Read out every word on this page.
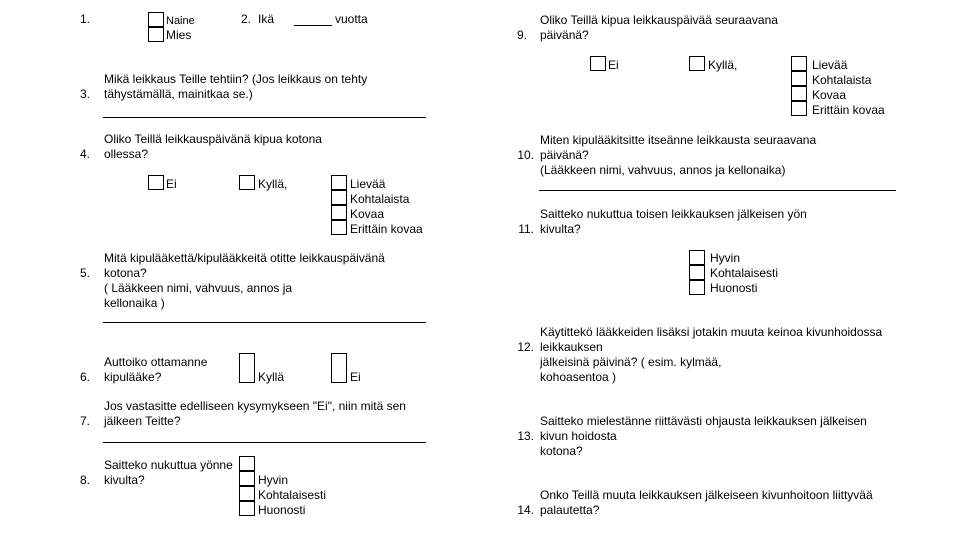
1.	Naine
Mies
2. Ikä	vuotta
3.
Mikä leikkaus Teille tehtiin? (Jos leikkaus on tehty
tähystämällä, mainitkaa se.)
4.
Oliko Teillä leikkauspäivänä kipua kotona
ollessa?
Ei	Kyllä,	Lievää
Kohtalaista
Kovaa
Erittäin kovaa
5.
Mitä kipulääkettä/kipulääkkeitä otitte leikkauspäivänä
kotona?
( Lääkkeen nimi, vahvuus, annos ja
kellonaika )
6.
Auttoiko ottamanne
kipulääke?	Kyllä	Ei
7.
Jos vastasitte edelliseen kysymykseen "Ei", niin mitä sen
jälkeen Teitte?
8.
Saitteko nukuttua yönne
kivulta?	Hyvin
Kohtalaisesti
Huonosti
9.
Oliko Teillä kipua leikkauspäivää seuraavana
päivänä?
Ei	Kyllä,	Lievää
Kohtalaista
Kovaa
Erittäin kovaa
10.
Miten kipulääkitsitte itseänne leikkausta seuraavana
päivänä?
(Lääkkeen nimi, vahvuus, annos ja kellonaika)
11.
Saitteko nukuttua toisen leikkauksen jälkeisen yön
kivulta?
Hyvin
Kohtalaisesti
Huonosti
12.
Käytittekö lääkkeiden lisäksi jotakin muuta keinoa kivunhoidossa
leikkauksen
jälkeisinä päivinä? ( esim. kylmää,
kohoasentoa )
13.
Saitteko mielestänne riittävästi ohjausta leikkauksen jälkeisen
kivun hoidosta
kotona?
14.
Onko Teillä muuta leikkauksen jälkeiseen kivunhoitoon liittyvää
palautetta?
